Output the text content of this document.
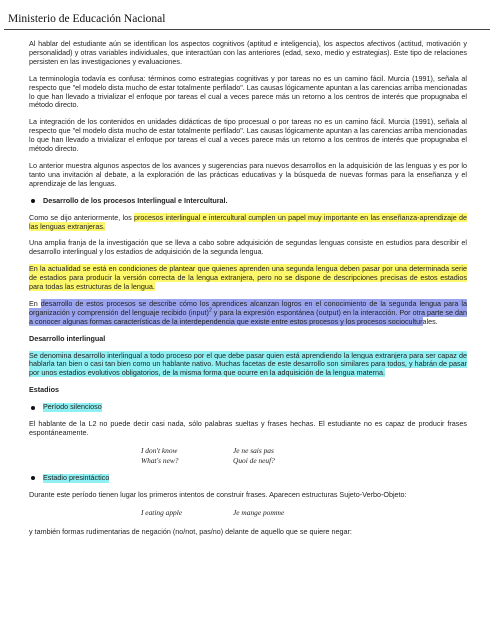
Ministerio de Educación Nacional

Al hablar del estudiante aún se identifican los aspectos cognitivos (aptitud e inteligencia), los aspectos afectivos (actitud, motivación y personalidad) y otras variables individuales, que interactúan con las anteriores (edad, sexo, medio y estrategias). Este tipo de relaciones persisten en las investigaciones y evaluaciones.

La terminología todavía es confusa: términos como estrategias cognitivas y por tareas no es un camino fácil. Murcia (1991), señala al respecto que "el modelo dista mucho de estar totalmente perfilado". Las causas lógicamente apuntan a las carencias arriba mencionadas lo que han llevado a trivializar el enfoque por tareas el cual a veces parece más un retorno a los centros de interés que propugnaba el método directo.

La integración de los contenidos en unidades didácticas de tipo procesual o por tareas no es un camino fácil. Murcia (1991), señala al respecto que "el modelo dista mucho de estar totalmente perfilado". Las causas lógicamente apuntan a las carencias arriba mencionadas lo que han llevado a trivializar el enfoque por tareas el cual a veces parece más un retorno a los centros de interés que propugnaba el método directo.

Lo anterior muestra algunos aspectos de los avances y sugerencias para nuevos desarrollos en la adquisición de las lenguas y es por lo tanto una invitación al debate, a la exploración de las prácticas educativas y la búsqueda de nuevas formas para la enseñanza y el aprendizaje de las lenguas.

Desarrollo de los procesos Interlingual e Intercultural.

Como se dijo anteriormente, los procesos interlingual e intercultural cumplen un papel muy importante en las enseñanza-aprendizaje de las lenguas extranjeras.

Una amplia franja de la investigación que se lleva a cabo sobre adquisición de segundas lenguas consiste en estudios para describir el desarrollo interlingual y los estadios de adquisición de la segunda lengua.

En la actualidad se está en condiciones de plantear que quienes aprenden una segunda lengua deben pasar por una determinada serie de estadios para producir la versión correcta de la lengua extranjera, pero no se dispone de descripciones precisas de estos estadios para todas las estructuras de la lengua.

En desarrollo de estos procesos se describe cómo los aprendices alcanzan logros en el conocimiento de la segunda lengua para la organización y comprensión del lenguaje recibido (input)$^2$ y para la expresión espontánea (output) en la interacción. Por otra parte se dan a conocer algunas formas características de la interdependencia que existe entre estos procesos y los procesos socioculturales.

Desarrollo interlingual

Se denomina desarrollo interlingual a todo proceso por el que debe pasar quien está aprendiendo la lengua extranjera para ser capaz de hablarla tan bien o casi tan bien como un hablante nativo. Muchas facetas de este desarrollo son similares para todos, y habrán de pasar por unos estadios evolutivos obligatorios, de la misma forma que ocurre en la adquisición de la lengua materna.

Estadios
Período silencioso

El hablante de la L2 no puede decir casi nada, sólo palabras sueltas y frases hechas. El estudiante no es capaz de producir frases espontáneamente.

I don't know	Je ne sais pas
What's new?	Quoi de neuf?
Estadio presintáctico

Durante este período tienen lugar los primeros intentos de construir frases. Aparecen estructuras Sujeto-Verbo-Objeto:

I eating apple	Je mange pomme

y también formas rudimentarias de negación (no/not, pas/no) delante de aquello que se quiere negar:
